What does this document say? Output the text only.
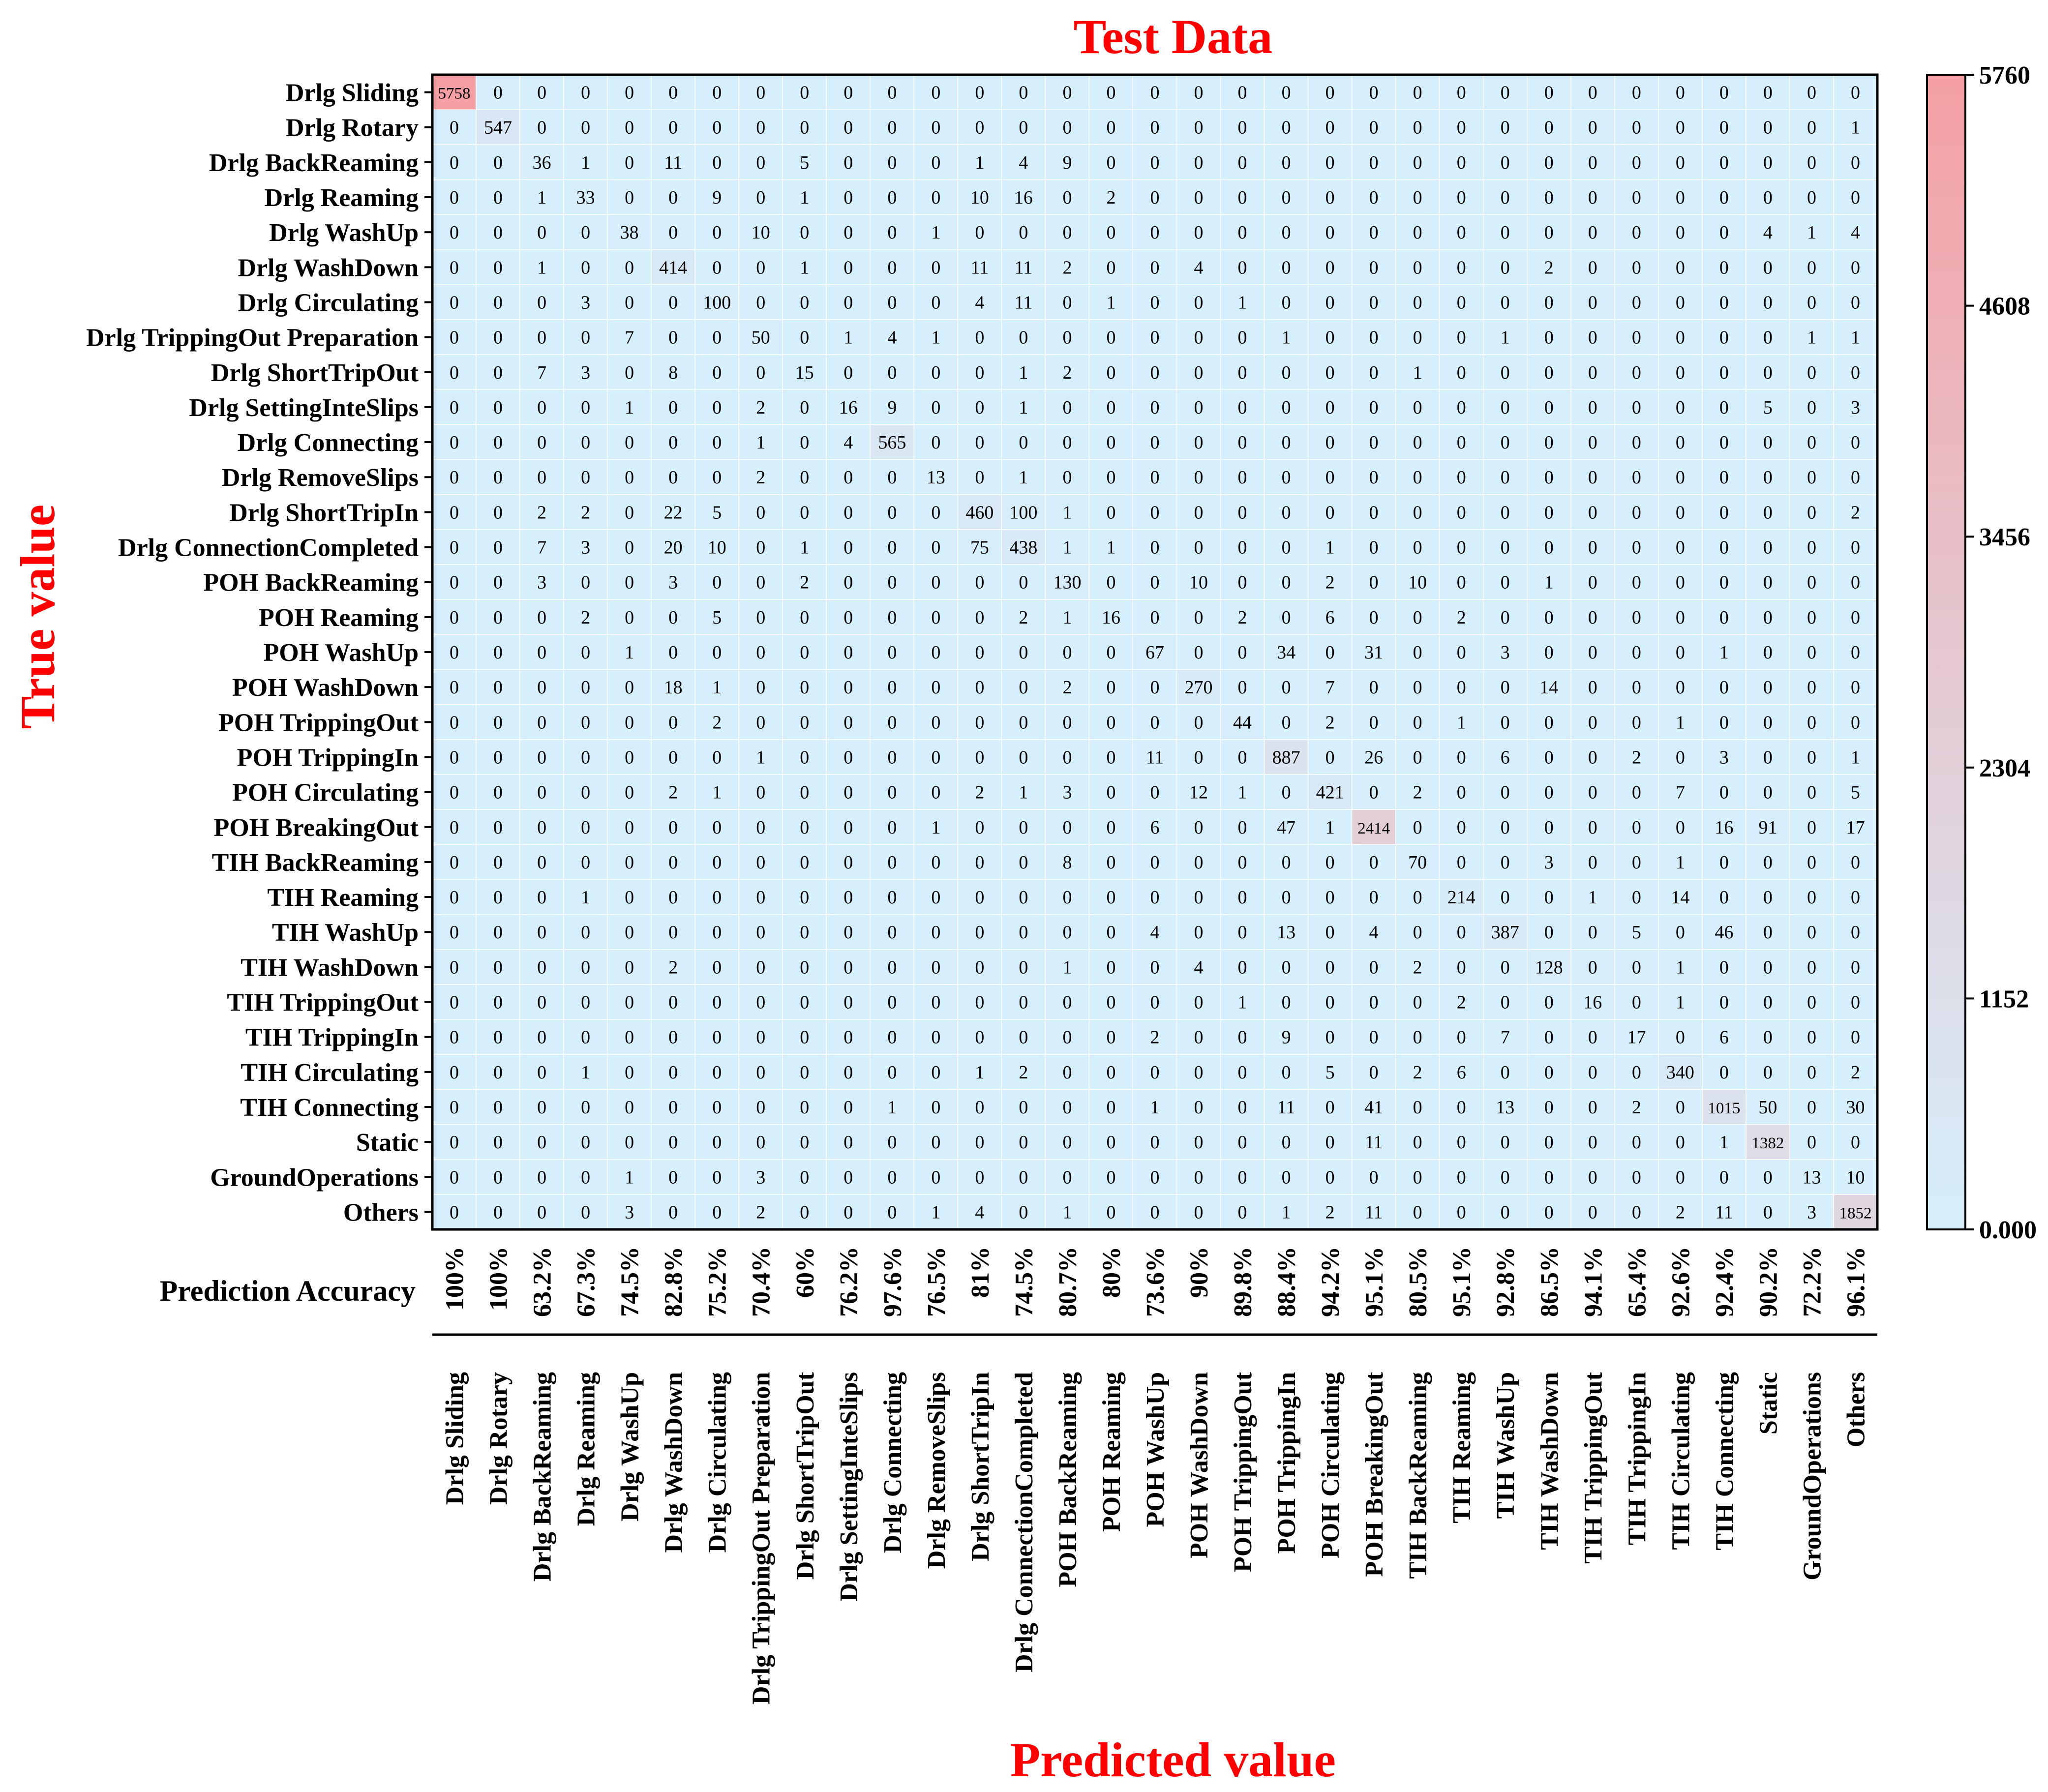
Test Data
True value
Predicted value
Prediction Accuracy
5758 0 0 0 0 0 0 0 0 0 0 0 0 0 0 0 0 0 0 0 0 0 0 0 0 0 0 0 0 0 0 0 0
0 547 0 0 0 0 0 0 0 0 0 0 0 0 0 0 0 0 0 0 0 0 0 0 0 0 0 0 0 0 0 0 1
0 0 36 1 0 11 0 0 5 0 0 0 1 4 9 0 0 0 0 0 0 0 0 0 0 0 0 0 0 0 0 0 0
0 0 1 33 0 0 9 0 1 0 0 0 10 16 0 2 0 0 0 0 0 0 0 0 0 0 0 0 0 0 0 0 0
0 0 0 0 38 0 0 10 0 0 0 1 0 0 0 0 0 0 0 0 0 0 0 0 0 0 0 0 0 0 4 1 4
0 0 1 0 0 414 0 0 1 0 0 0 11 11 2 0 0 4 0 0 0 0 0 0 0 2 0 0 0 0 0 0 0
0 0 0 3 0 0 100 0 0 0 0 0 4 11 0 1 0 0 1 0 0 0 0 0 0 0 0 0 0 0 0 0 0
0 0 0 0 7 0 0 50 0 1 4 1 0 0 0 0 0 0 0 1 0 0 0 0 1 0 0 0 0 0 0 1 1
0 0 7 3 0 8 0 0 15 0 0 0 0 1 2 0 0 0 0 0 0 0 1 0 0 0 0 0 0 0 0 0 0
0 0 0 0 1 0 0 2 0 16 9 0 0 1 0 0 0 0 0 0 0 0 0 0 0 0 0 0 0 0 5 0 3
0 0 0 0 0 0 0 1 0 4 565 0 0 0 0 0 0 0 0 0 0 0 0 0 0 0 0 0 0 0 0 0 0
0 0 0 0 0 0 0 2 0 0 0 13 0 1 0 0 0 0 0 0 0 0 0 0 0 0 0 0 0 0 0 0 0
0 0 2 2 0 22 5 0 0 0 0 0 460 100 1 0 0 0 0 0 0 0 0 0 0 0 0 0 0 0 0 0 2
0 0 7 3 0 20 10 0 1 0 0 0 75 438 1 1 0 0 0 0 1 0 0 0 0 0 0 0 0 0 0 0 0
0 0 3 0 0 3 0 0 2 0 0 0 0 0 130 0 0 10 0 0 2 0 10 0 0 1 0 0 0 0 0 0 0
0 0 0 2 0 0 5 0 0 0 0 0 0 2 1 16 0 0 2 0 6 0 0 2 0 0 0 0 0 0 0 0 0
0 0 0 0 1 0 0 0 0 0 0 0 0 0 0 0 67 0 0 34 0 31 0 0 3 0 0 0 0 1 0 0 0
0 0 0 0 0 18 1 0 0 0 0 0 0 0 2 0 0 270 0 0 7 0 0 0 0 14 0 0 0 0 0 0 0
0 0 0 0 0 0 2 0 0 0 0 0 0 0 0 0 0 0 44 0 2 0 0 1 0 0 0 0 1 0 0 0 0
0 0 0 0 0 0 0 1 0 0 0 0 0 0 0 0 11 0 0 887 0 26 0 0 6 0 0 2 0 3 0 0 1
0 0 0 0 0 2 1 0 0 0 0 0 2 1 3 0 0 12 1 0 421 0 2 0 0 0 0 0 7 0 0 0 5
0 0 0 0 0 0 0 0 0 0 0 1 0 0 0 0 6 0 0 47 1 2414 0 0 0 0 0 0 0 16 91 0 17
0 0 0 0 0 0 0 0 0 0 0 0 0 0 8 0 0 0 0 0 0 0 70 0 0 3 0 0 1 0 0 0 0
0 0 0 1 0 0 0 0 0 0 0 0 0 0 0 0 0 0 0 0 0 0 0 214 0 0 1 0 14 0 0 0 0
0 0 0 0 0 0 0 0 0 0 0 0 0 0 0 0 4 0 0 13 0 4 0 0 387 0 0 5 0 46 0 0 0
0 0 0 0 0 2 0 0 0 0 0 0 0 0 1 0 0 4 0 0 0 0 2 0 0 128 0 0 1 0 0 0 0
0 0 0 0 0 0 0 0 0 0 0 0 0 0 0 0 0 0 1 0 0 0 0 2 0 0 16 0 1 0 0 0 0
0 0 0 0 0 0 0 0 0 0 0 0 0 0 0 0 2 0 0 9 0 0 0 0 7 0 0 17 0 6 0 0 0
0 0 0 1 0 0 0 0 0 0 0 0 1 2 0 0 0 0 0 0 5 0 2 6 0 0 0 0 340 0 0 0 2
0 0 0 0 0 0 0 0 0 0 1 0 0 0 0 0 1 0 0 11 0 41 0 0 13 0 0 2 0 1015 50 0 30
0 0 0 0 0 0 0 0 0 0 0 0 0 0 0 0 0 0 0 0 0 11 0 0 0 0 0 0 0 1 1382 0 0
0 0 0 0 1 0 0 3 0 0 0 0 0 0 0 0 0 0 0 0 0 0 0 0 0 0 0 0 0 0 0 13 10
0 0 0 0 3 0 0 2 0 0 0 1 4 0 1 0 0 0 0 1 2 11 0 0 0 0 0 0 2 11 0 3 1852
Drlg Sliding
Drlg Rotary
Drlg BackReaming
Drlg Reaming
Drlg WashUp
Drlg WashDown
Drlg Circulating
Drlg TrippingOut Preparation
Drlg ShortTripOut
Drlg SettingInteSlips
Drlg Connecting
Drlg RemoveSlips
Drlg ShortTripIn
Drlg ConnectionCompleted
POH BackReaming
POH Reaming
POH WashUp
POH WashDown
POH TrippingOut
POH TrippingIn
POH Circulating
POH BreakingOut
TIH BackReaming
TIH Reaming
TIH WashUp
TIH WashDown
TIH TrippingOut
TIH TrippingIn
TIH Circulating
TIH Connecting
Static
GroundOperations
Others
Drlg Sliding Drlg Rotary Drlg BackReaming Drlg Reaming Drlg WashUp Drlg WashDown Drlg Circulating Drlg TrippingOut Preparation Drlg ShortTripOut Drlg SettingInteSlips Drlg Connecting Drlg RemoveSlips Drlg ShortTripIn Drlg ConnectionCompleted POH BackReaming POH Reaming POH WashUp POH WashDown POH TrippingOut POH TrippingIn POH Circulating POH BreakingOut TIH BackReaming TIH Reaming TIH WashUp TIH WashDown TIH TrippingOut TIH TrippingIn TIH Circulating TIH Connecting Static GroundOperations Others
100% 100% 63.2% 67.3% 74.5% 82.8% 75.2% 70.4% 60% 76.2% 97.6% 76.5% 81% 74.5% 80.7% 80% 73.6% 90% 89.8% 88.4% 94.2% 95.1% 80.5% 95.1% 92.8% 86.5% 94.1% 65.4% 92.6% 92.4% 90.2% 72.2% 96.1%
0.000
1152
2304
3456
4608
5760
